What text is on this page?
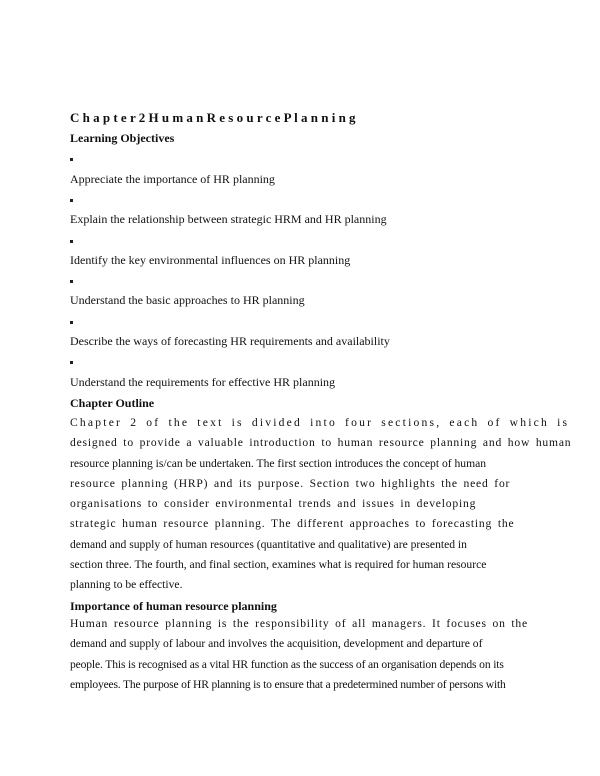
C h a p t e r 2 H u m a n R e s o u r c e P l a n n i n g
Learning Objectives
Appreciate the importance of HR planning
Explain the relationship between strategic HRM and HR planning
Identify the key environmental influences on HR planning
Understand the basic approaches to HR planning
Describe the ways of forecasting HR requirements and availability
Understand the requirements for effective HR planning
Chapter Outline
Chapter 2 of the text is divided into four sections, each of which is
designed to provide a valuable introduction to human resource planning and how human
resource planning is/can be undertaken. The first section introduces the concept of human
resource planning (HRP) and its purpose. Section two highlights the need for
organisations to consider environmental trends and issues in developing
strategic human resource planning. The different approaches to forecasting the
demand and supply of human resources (quantitative and qualitative) are presented in
section three. The fourth, and final section, examines what is required for human resource
planning to be effective.
Importance of human resource planning
Human resource planning is the responsibility of all managers. It focuses on the
demand and supply of labour and involves the acquisition, development and departure of
people. This is recognised as a vital HR function as the success of an organisation depends on its
employees. The purpose of HR planning is to ensure that a predetermined number of persons with
